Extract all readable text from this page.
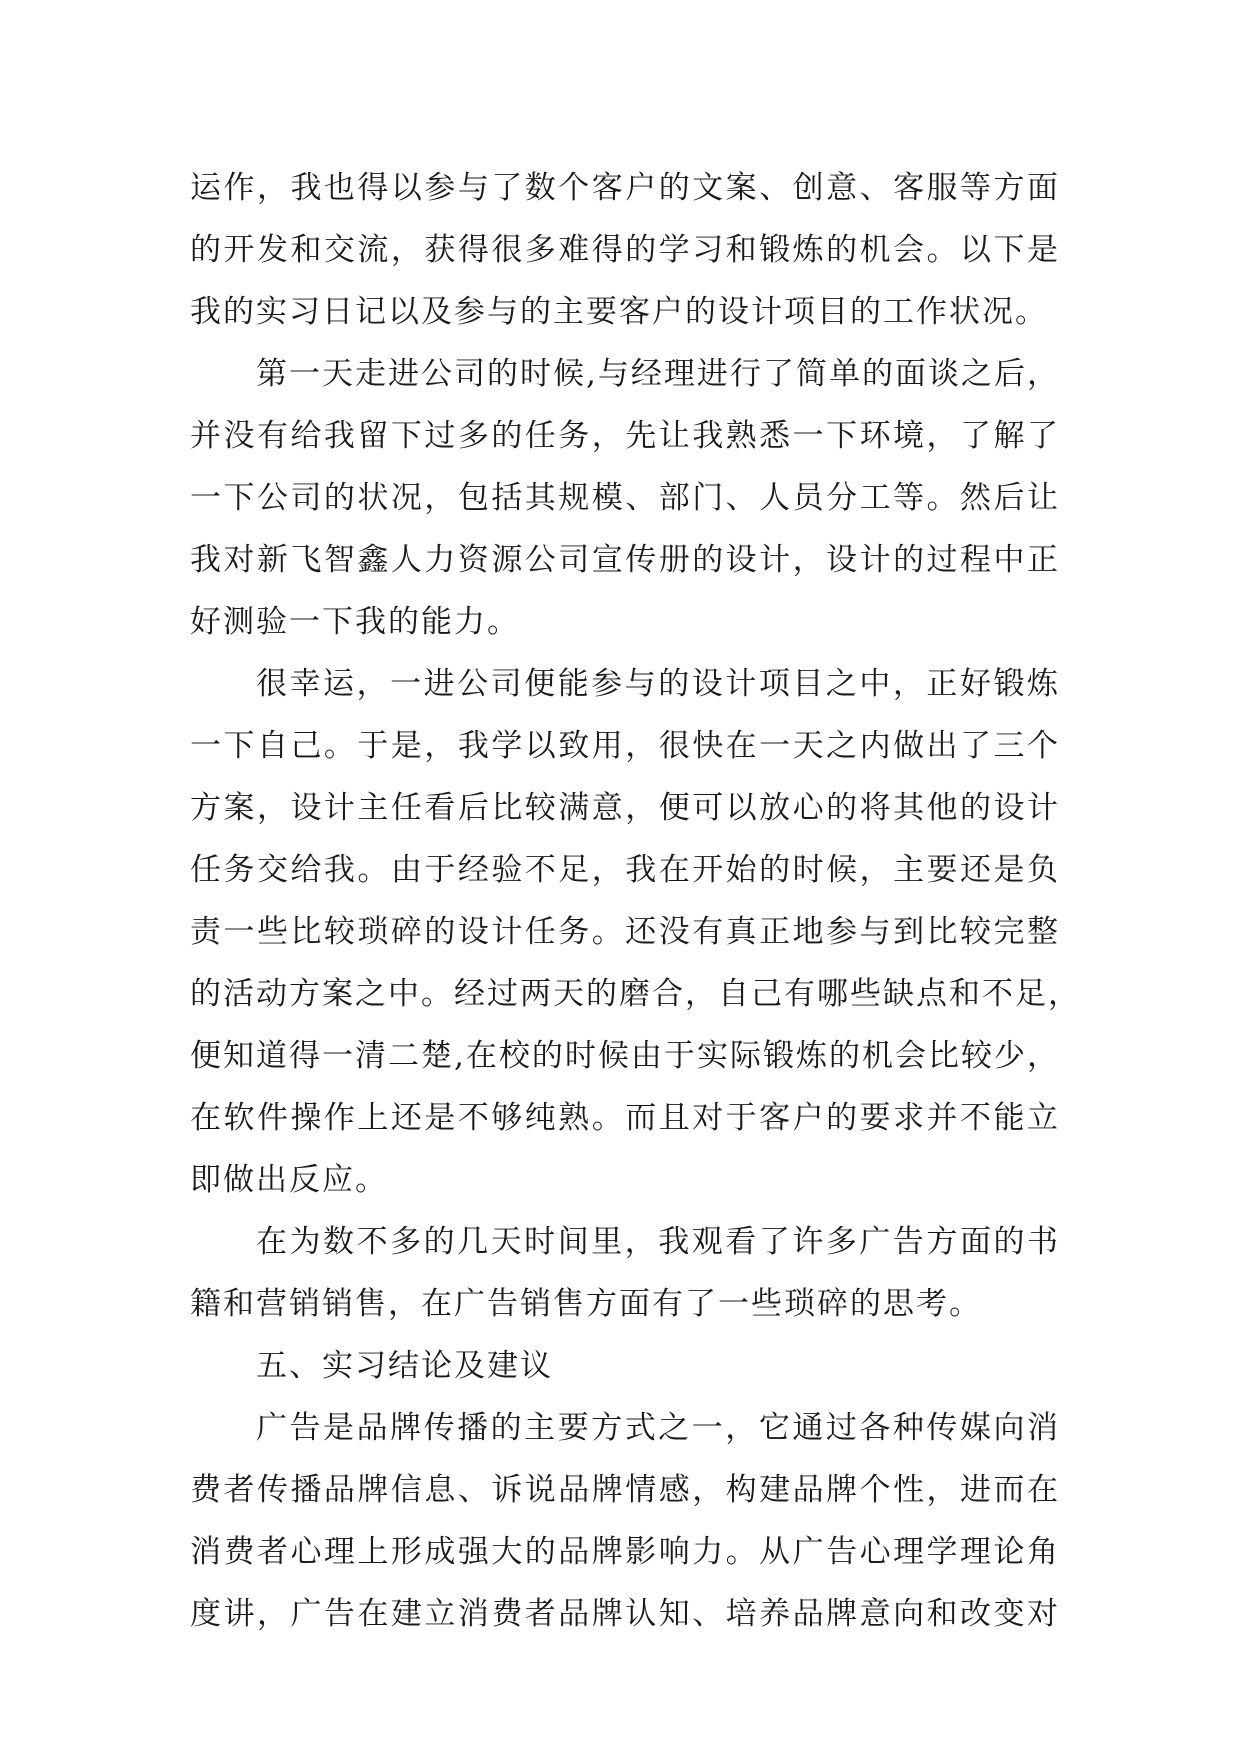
运作，我也得以参与了数个客户的文案、创意、客服等方面
的开发和交流，获得很多难得的学习和锻炼的机会。以下是
我的实习日记以及参与的主要客户的设计项目的工作状况。
第一天走进公司的时候,与经理进行了简单的面谈之后，
并没有给我留下过多的任务，先让我熟悉一下环境，了解了
一下公司的状况，包括其规模、部门、人员分工等。然后让
我对新飞智鑫人力资源公司宣传册的设计，设计的过程中正
好测验一下我的能力。
很幸运，一进公司便能参与的设计项目之中，正好锻炼
一下自己。于是，我学以致用，很快在一天之内做出了三个
方案，设计主任看后比较满意，便可以放心的将其他的设计
任务交给我。由于经验不足，我在开始的时候，主要还是负
责一些比较琐碎的设计任务。还没有真正地参与到比较完整
的活动方案之中。经过两天的磨合，自己有哪些缺点和不足，
便知道得一清二楚,在校的时候由于实际锻炼的机会比较少，
在软件操作上还是不够纯熟。而且对于客户的要求并不能立
即做出反应。
在为数不多的几天时间里，我观看了许多广告方面的书
籍和营销销售，在广告销售方面有了一些琐碎的思考。
五、实习结论及建议
广告是品牌传播的主要方式之一，它通过各种传媒向消
费者传播品牌信息、诉说品牌情感，构建品牌个性，进而在
消费者心理上形成强大的品牌影响力。从广告心理学理论角
度讲，广告在建立消费者品牌认知、培养品牌意向和改变对
